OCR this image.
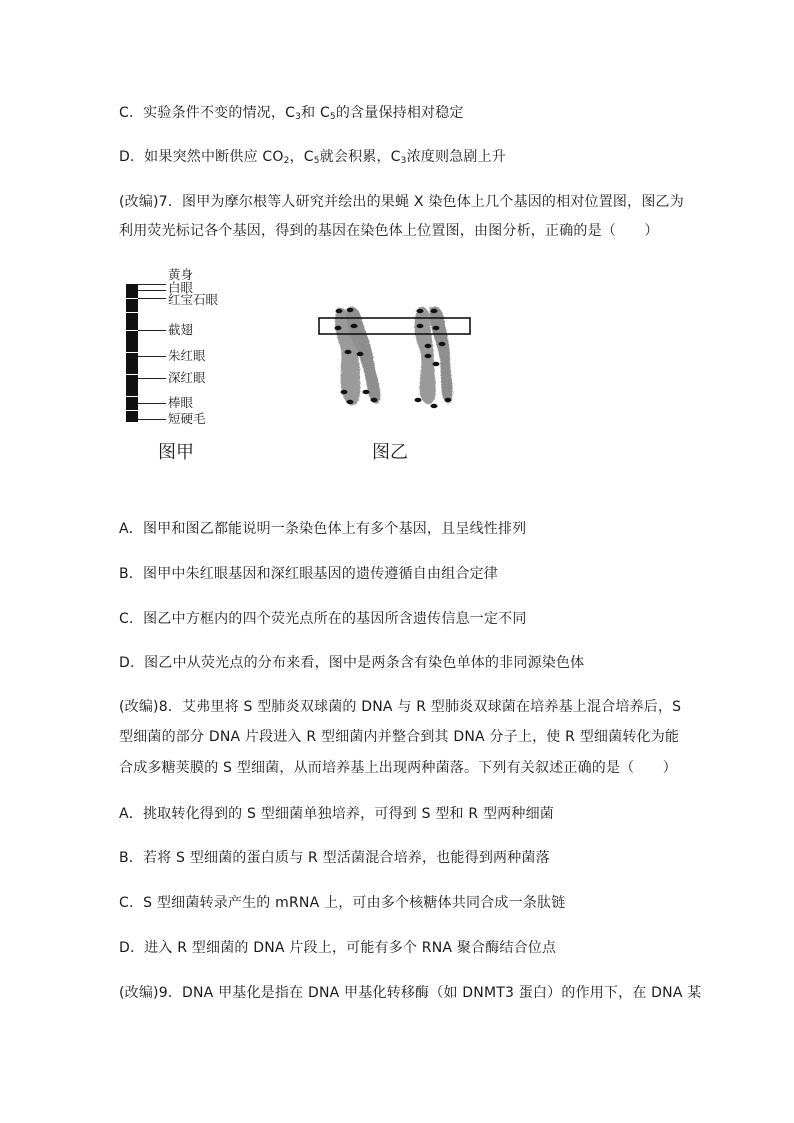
C．实验条件不变的情况，$C_3$和 $C_5$的含量保持相对稳定
D．如果突然中断供应 $CO_2$，$C_5$就会积累，$C_3$浓度则急剧上升
(改编)7．图甲为摩尔根等人研究并绘出的果蝇 X 染色体上几个基因的相对位置图，图乙为
利用荧光标记各个基因，得到的基因在染色体上位置图，由图分析，正确的是（　　）
黄身
白眼
红宝石眼
截翅
朱红眼
深红眼
棒眼
短硬毛
图甲	图乙
A．图甲和图乙都能说明一条染色体上有多个基因，且呈线性排列
B．图甲中朱红眼基因和深红眼基因的遗传遵循自由组合定律
C．图乙中方框内的四个荧光点所在的基因所含遗传信息一定不同
D．图乙中从荧光点的分布来看，图中是两条含有染色单体的非同源染色体
(改编)8．艾弗里将 S 型肺炎双球菌的 DNA 与 R 型肺炎双球菌在培养基上混合培养后，S
型细菌的部分 DNA 片段进入 R 型细菌内并整合到其 DNA 分子上，使 R 型细菌转化为能
合成多糖荚膜的 S 型细菌，从而培养基上出现两种菌落。下列有关叙述正确的是（　　）
A．挑取转化得到的 S 型细菌单独培养，可得到 S 型和 R 型两种细菌
B．若将 S 型细菌的蛋白质与 R 型活菌混合培养，也能得到两种菌落
C．S 型细菌转录产生的 mRNA 上，可由多个核糖体共同合成一条肽链
D．进入 R 型细菌的 DNA 片段上，可能有多个 RNA 聚合酶结合位点
(改编)9．DNA 甲基化是指在 DNA 甲基化转移酶（如 DNMT3 蛋白）的作用下，在 DNA 某
